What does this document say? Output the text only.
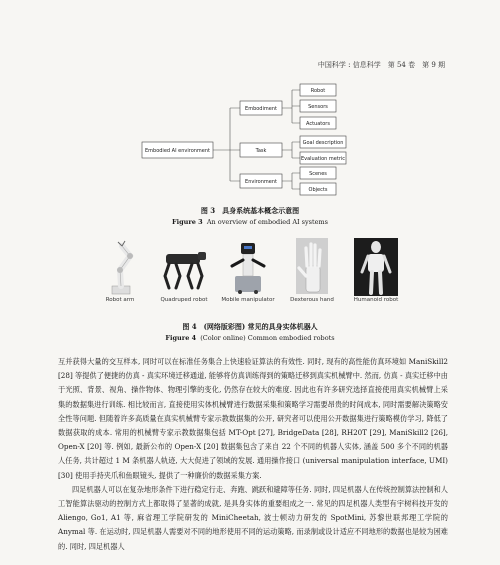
中国科学 : 信息科学　第 54 卷　第 9 期
Embodied AI environment
Embodiment
Task
Environment
Robot
Sensors
Actuators
Goal description
Evaluation metric
Scenes
Objects
图 3　具身系统基本概念示意图
Figure 3 An overview of embodied AI systems
Robot arm	Quadruped robot	Mobile manipulator	Dexterous hand	Humanoid robot
图 4　(网络版彩图) 常见的具身实体机器人
Figure 4 (Color online) Common embodied robots

互并获得大量的交互样本, 同时可以在标准任务集合上快速验证算法的有效性. 同时, 现有的高性能仿真环境如 ManiSkill2 [28] 等提供了便捷的仿真 - 真实环境迁移通道, 能够将仿真训练得到的策略迁移到真实机械臂中. 然而, 仿真 - 真实迁移中由于光照、背景、视角、操作物体、物理引擎的变化, 仍然存在较大的难度. 因此也有许多研究选择直接使用真实机械臂上采集的数据集进行训练. 相比较而言, 直接使用实体机械臂进行数据采集和策略学习需要昂贵的时间成本, 同时需要解决策略安全性等问题. 但随着许多高质量在真实机械臂专家示教数据集的公开, 研究者可以使用公开数据集进行策略模仿学习, 降低了数据获取的成本. 常用的机械臂专家示教数据集包括 MT-Opt [27], BridgeData [28], RH20T [29], ManiSkill2 [26], Open-X [20] 等. 例如, 最新公布的 Open-X [20] 数据集包含了来自 22 个不同的机器人实体, 涵盖 500 多个不同的机器人任务, 共计超过 1 M 条机器人轨迹, 大大促进了领域的发展. 通用操作接口 (universal manipulation interface, UMI) [30] 使用手持夹爪和鱼眼镜头, 提供了一种廉价的数据采集方案.

四足机器人可以在复杂地形条件下进行稳定行走、奔跑、跳跃和避障等任务. 同时, 四足机器人在传统控制算法控制和人工智能算法驱动的控制方式上都取得了显著的成就, 是具身实体的重要组成之一. 常见的四足机器人类型有宇树科技开发的 Aliengo, Go1, A1 等, 麻省理工学院研发的 MiniCheetah, 波士顿动力研发的 SpotMini, 苏黎世联邦理工学院的 Anymal 等. 在运动时, 四足机器人需要对不同的地形使用不同的运动策略, 而录制或设计适应不同地形的数据也是较为困难的. 同时, 四足机器人
